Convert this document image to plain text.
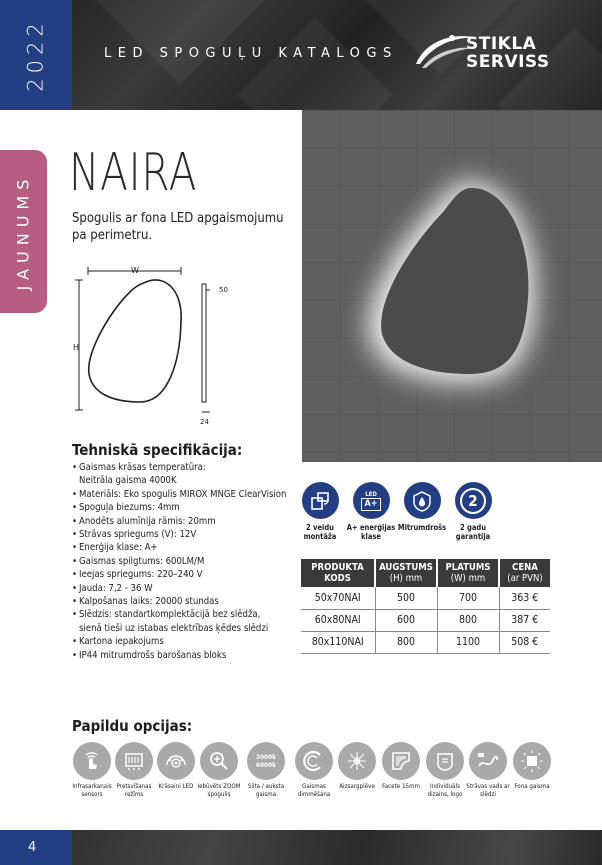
2022	LED SPOGUĻU KATALOGS	STIKLA
SERVISS
JAUNUMS
NAIRA
Spogulis ar fona LED apgaismojumu pa perimetru.
W
H
50
24
Tehniskā specifikācija:
• Gaismas krāsas temperatūra:
Neitrāla gaisma 4000K
• Materiāls: Eko spogulis MIROX MNGE ClearVision
• Spoguļa biezums: 4mm
• Anodēts alumīnija rāmis: 20mm
• Strāvas spriegums (V): 12V
• Enerģija klase: A+
• Gaismas spilgtums: 600LM/M
• Ieejas spriegums: 220–240 V
• Jauda: 7,2 - 36 W
• Kalpošanas laiks: 20000 stundas
• Slēdzis: standartkomplektācijā bez slēdža,
sienā tieši uz istabas elektrības ķēdes slēdzi
• Kartona iepakojums
• IP44 mitrumdrošs barošanas bloks
2 veidu montāža
LED
A+
A+ enerģijas klase
Mitrumdrošs
2
2 gadu garantija
PRODUKTA KODS	AUGSTUMS
(H) mm	PLATUMS
(W) mm	CENA
(ar PVN)
50x70NAI	500	700	363 €
60x80NAI	600	800	387 €
80x110NAI	800	1100	508 €
Papildu opcijas:
Infrasarkanais sensors
Pretsvīšanas režīms
Krāsaini LED Iebūvēts ZOOM spogulis
3000k
6000k
Silta / auksta gaisma
Gaismas dimmēšana
Aizsargplēve	Facete 15mm	Individuāls dizains, logo
Strāvas vads ar slēdzi
Fona gaisma
4
